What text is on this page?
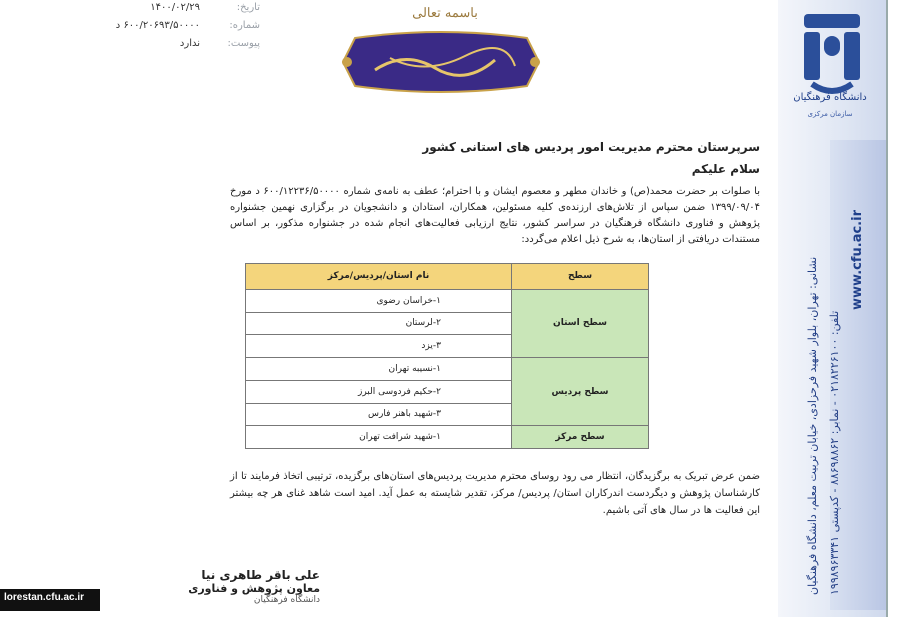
دانشگاه فرهنگیان
سازمان مرکزی
نشانی: تهران، بلوار شهید فرحزادی، خیابان تربیت معلم، دانشگاه فرهنگیان تلفن: ۰۲۱۸۲۲۶۱۰۰ - نمابر: ۸۸۶۹۸۸۶۲ - کدپستی ۱۹۹۸۹۶۳۳۴۱
www.cfu.ac.ir
تاریخ:
۱۴۰۰/۰۲/۲۹
شماره:
۶۰۰/۲۰۶۹۳/۵۰۰۰۰ د
پیوست:
ندارد
باسمه تعالی
سرپرستان محترم مدیریت امور پردیس های استانی کشور
سلام علیکم
با صلوات بر حضرت محمد(ص) و خاندان مطهر و معصوم ایشان و با احترام؛ عطف به نامه‌ی شماره ۶۰۰/۱۲۲۳۶/۵۰۰۰۰ د مورخ ۱۳۹۹/۰۹/۰۴ ضمن سپاس از تلاش‌های ارزنده‌ی کلیه مسئولین، همکاران، استادان و دانشجویان در برگزاری نهمین جشنواره پژوهش و فناوری دانشگاه فرهنگیان در سراسر کشور، نتایج ارزیابی فعالیت‌های انجام شده در جشنواره مذکور، بر اساس مستندات دریافتی از استان‌ها، به شرح ذیل اعلام می‌گردد:
سطح	نام استان/پردیس/مرکز
سطح استان	۱-خراسان رضوی
	۲-لرستان
	۳-یزد
سطح پردیس	۱-نسیبه تهران
	۲-حکیم فردوسی البرز
	۳-شهید باهنر فارس
سطح مرکز	۱-شهید شرافت تهران
ضمن عرض تبریک به برگزیدگان، انتظار می رود روسای محترم مدیریت پردیس‌های استان‌های برگزیده، ترتیبی اتخاذ فرمایند تا از کارشناسان پژوهش و دیگردست اندرکاران استان/ پردیس/ مرکز، تقدیر شایسته به عمل آید. امید است شاهد غنای هر چه بیشتر این فعالیت ها در سال های آتی باشیم.
علی باقر طاهری نیا
معاون پژوهش و فناوری
دانشگاه فرهنگیان
lorestan.cfu.ac.ir
